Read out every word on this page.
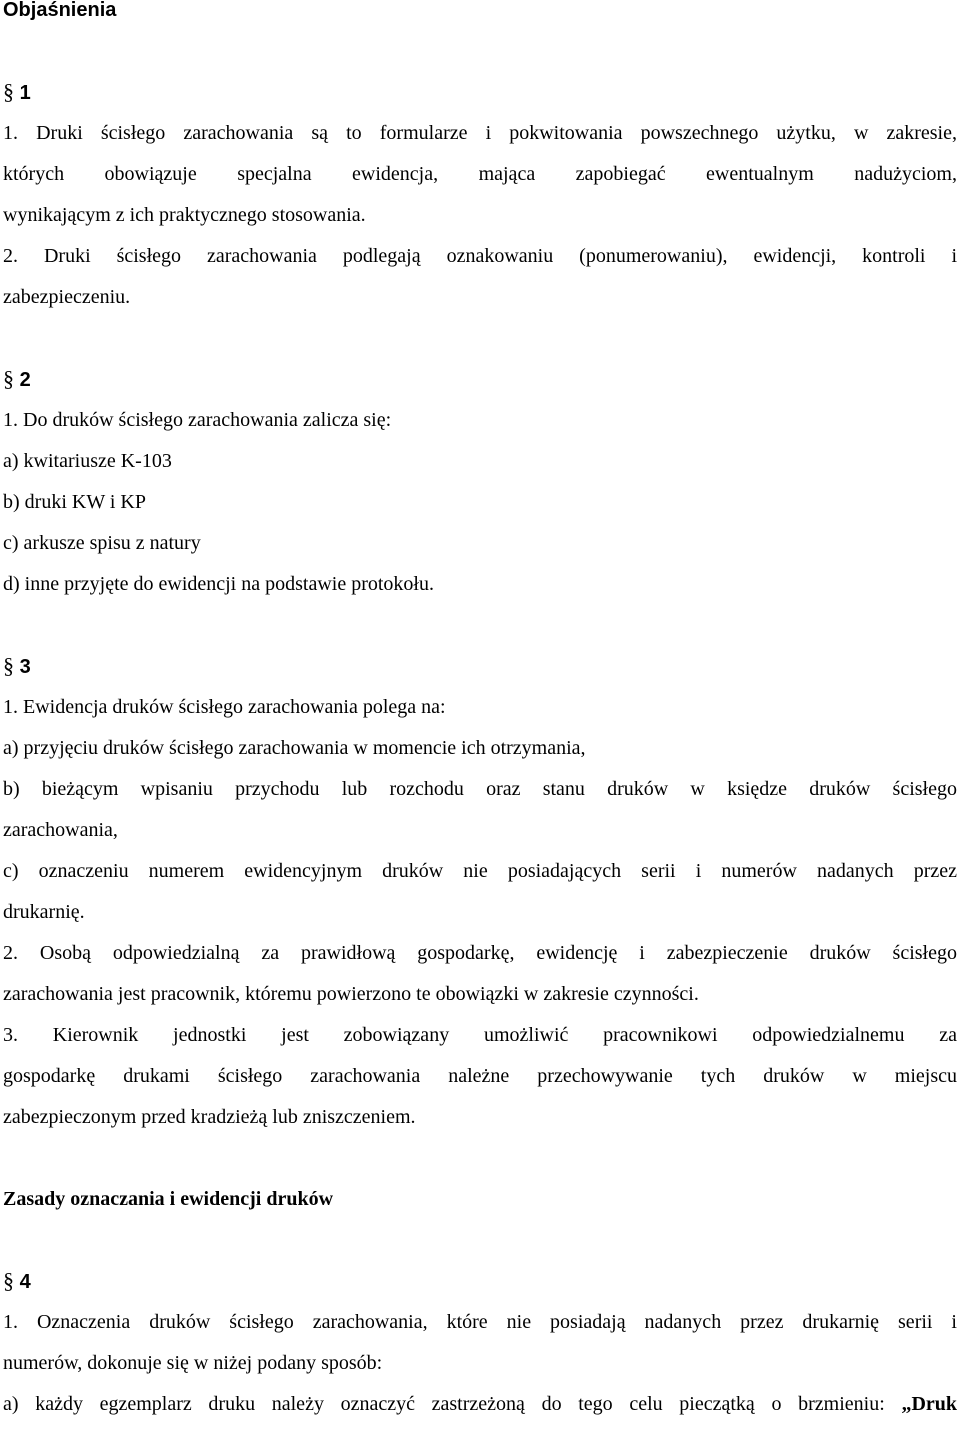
Objaśnienia
§ 1
1. Druki ścisłego zarachowania są to formularze i pokwitowania powszechnego użytku, w zakresie,
których obowiązuje specjalna ewidencja, mająca zapobiegać ewentualnym nadużyciom,
wynikającym z ich praktycznego stosowania.
2. Druki ścisłego zarachowania podlegają oznakowaniu (ponumerowaniu), ewidencji, kontroli i
zabezpieczeniu.
§ 2
1. Do druków ścisłego zarachowania zalicza się:
a) kwitariusze K-103
b) druki KW i KP
c) arkusze spisu z natury
d) inne przyjęte do ewidencji na podstawie protokołu.
§ 3
1. Ewidencja druków ścisłego zarachowania polega na:
a) przyjęciu druków ścisłego zarachowania w momencie ich otrzymania,
b) bieżącym wpisaniu przychodu lub rozchodu oraz stanu druków w księdze druków ścisłego
zarachowania,
c) oznaczeniu numerem ewidencyjnym druków nie posiadających serii i numerów nadanych przez
drukarnię.
2. Osobą odpowiedzialną za prawidłową gospodarkę, ewidencję i zabezpieczenie druków ścisłego
zarachowania jest pracownik, któremu powierzono te obowiązki w zakresie czynności.
3. Kierownik jednostki jest zobowiązany umożliwić pracownikowi odpowiedzialnemu za
gospodarkę drukami ścisłego zarachowania należne przechowywanie tych druków w miejscu
zabezpieczonym przed kradzieżą lub zniszczeniem.
Zasady oznaczania i ewidencji druków
§ 4
1. Oznaczenia druków ścisłego zarachowania, które nie posiadają nadanych przez drukarnię serii i
numerów, dokonuje się w niżej podany sposób:
a) każdy egzemplarz druku należy oznaczyć zastrzeżoną do tego celu pieczątką o brzmieniu: „Druk
